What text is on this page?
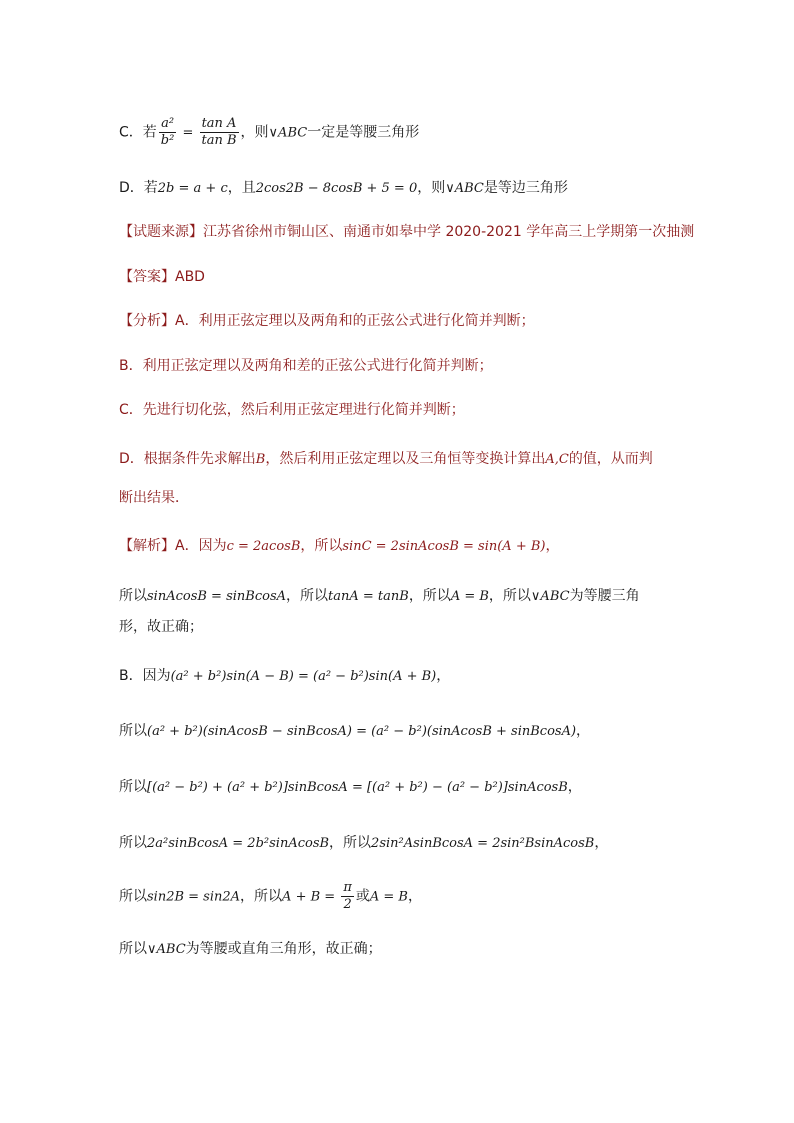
C．若 $\frac{\text{a²}}{\text{b²}} = \frac{\text{tan A}}{\text{tan B}}$ ，则∨ABC一定是等腰三角形
D．若2b = a + c，且2cos2B − 8cosB + 5 = 0，则∨ABC是等边三角形
【试题来源】江苏省徐州市铜山区、南通市如皋中学 2020-2021 学年高三上学期第一次抽测
【答案】ABD
【分析】A．利用正弦定理以及两角和的正弦公式进行化简并判断；
B．利用正弦定理以及两角和差的正弦公式进行化简并判断；
C．先进行切化弦，然后利用正弦定理进行化简并判断；
D．根据条件先求解出B，然后利用正弦定理以及三角恒等变换计算出A,C的值，从而判
断出结果．
【解析】A．因为c = 2acosB，所以sinC = 2sinAcosB = sin(A + B)，
所以sinAcosB = sinBcosA，所以tanA = tanB，所以A = B，所以∨ABC为等腰三角
形，故正确；
B．因为(a² + b²)sin(A − B) = (a² − b²)sin(A + B)，
所以(a² + b²)(sinAcosB − sinBcosA) = (a² − b²)(sinAcosB + sinBcosA)，
所以[(a² − b²) + (a² + b²)]sinBcosA = [(a² + b²) − (a² − b²)]sinAcosB，
所以2a²sinBcosA = 2b²sinAcosB，所以2sin²AsinBcosA = 2sin²BsinAcosB，
所以sin2B = sin2A，所以$A + B = \frac{\pi}{2}$ 或A = B，
所以∨ABC为等腰或直角三角形，故正确；
